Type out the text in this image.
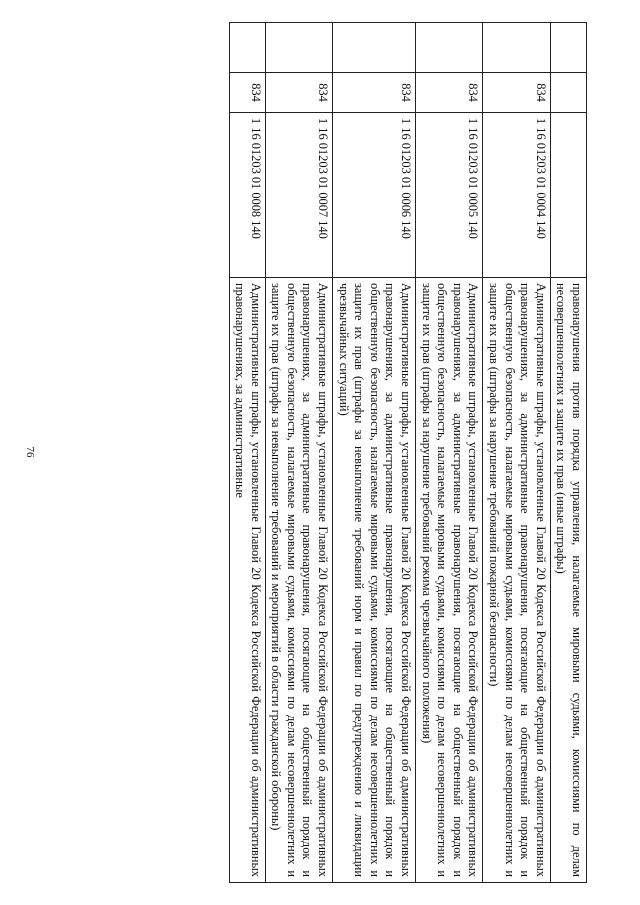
76
				правонарушения против порядка управления, налагаемые мировыми судьями, комиссиями по делам несовершеннолетних и защите их прав (иные штрафы)
	834	1 16 01203 01 0004 140	Административные штрафы, установленные Главой 20 Кодекса Российской Федерации об административных правонарушениях, за административные правонарушения, посягающие на общественный порядок и общественную безопасность, налагаемые мировыми судьями, комиссиями по делам несовершеннолетних и защите их прав (штрафы за нарушение требований пожарной безопасности)
	834	1 16 01203 01 0005 140	Административные штрафы, установленные Главой 20 Кодекса Российской Федерации об административных правонарушениях, за административные правонарушения, посягающие на общественный порядок и общественную безопасность, налагаемые мировыми судьями, комиссиями по делам несовершеннолетних и защите их прав (штрафы за нарушение требований режима чрезвычайного положения)
	834	1 16 01203 01 0006 140	Административные штрафы, установленные Главой 20 Кодекса Российской Федерации об административных правонарушениях, за административные правонарушения, посягающие на общественный порядок и общественную безопасность, налагаемые мировыми судьями, комиссиями по делам несовершеннолетних и защите их прав (штрафы за невыполнение требований норм и правил по предупреждению и ликвидации чрезвычайных ситуаций)
	834	1 16 01203 01 0007 140	Административные штрафы, установленные Главой 20 Кодекса Российской Федерации об административных правонарушениях, за административные правонарушения, посягающие на общественный порядок и общественную безопасность, налагаемые мировыми судьями, комиссиями по делам несовершеннолетних и защите их прав (штрафы за невыполнение требований и мероприятий в области гражданской обороны)
	834	1 16 01203 01 0008 140	Административные штрафы, установленные Главой 20 Кодекса Российской Федерации об административных правонарушениях, за административные
